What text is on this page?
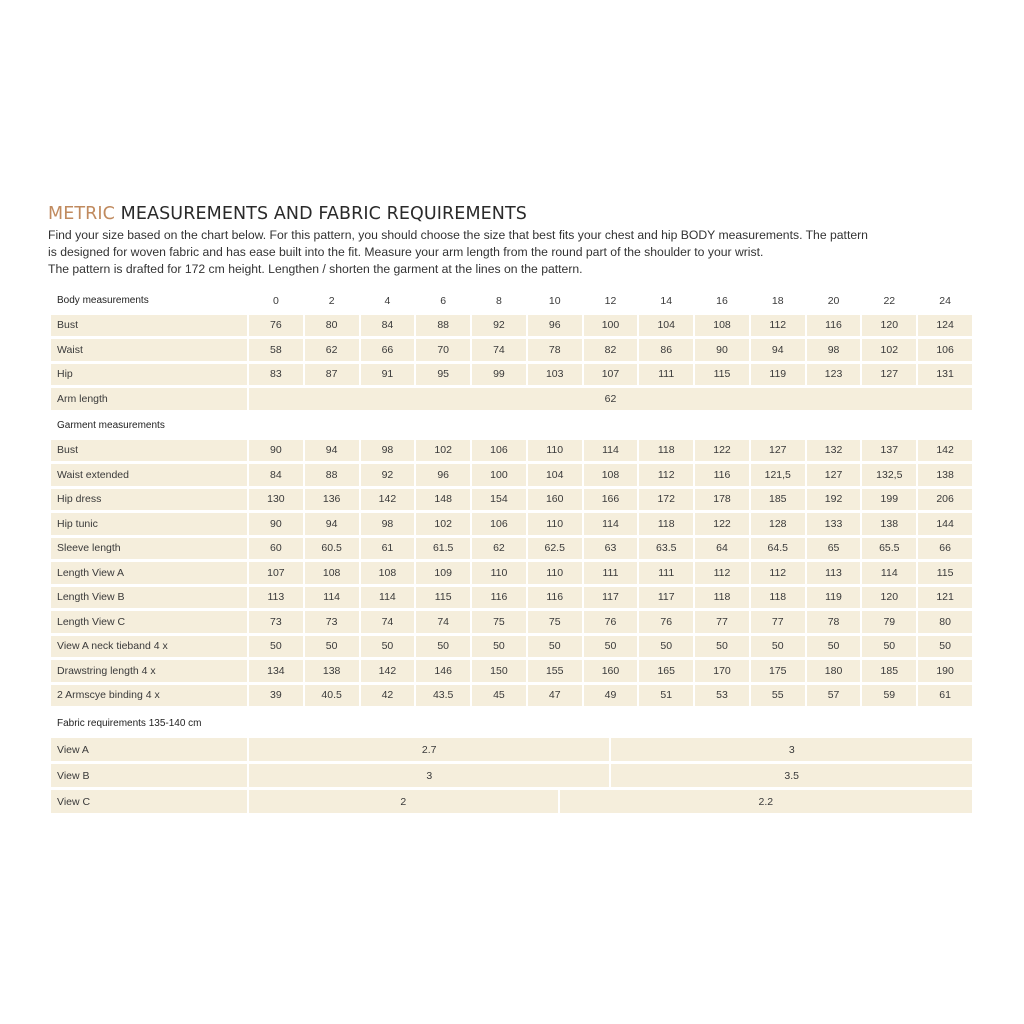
METRIC MEASUREMENTS AND FABRIC REQUIREMENTS
Find your size based on the chart below. For this pattern, you should choose the size that best fits your chest and hip BODY measurements. The pattern
is designed for woven fabric and has ease built into the fit. Measure your arm length from the round part of the shoulder to your wrist.
The pattern is drafted for 172 cm height. Lengthen / shorten the garment at the lines on the pattern.
Body measurements	0	2	4	6	8	10	12	14	16	18	20	22	24
Bust	76	80	84	88	92	96	100	104	108	112	116	120	124
Waist	58	62	66	70	74	78	82	86	90	94	98	102	106
Hip	83	87	91	95	99	103	107	111	115	119	123	127	131
Arm length	62												
Garment measurements													
Bust	90	94	98	102	106	110	114	118	122	127	132	137	142
Waist extended	84	88	92	96	100	104	108	112	116	121,5	127	132,5	138
Hip dress	130	136	142	148	154	160	166	172	178	185	192	199	206
Hip tunic	90	94	98	102	106	110	114	118	122	128	133	138	144
Sleeve length	60	60.5	61	61.5	62	62.5	63	63.5	64	64.5	65	65.5	66
Length View A	107	108	108	109	110	110	111	111	112	112	113	114	115
Length View B	113	114	114	115	116	116	117	117	118	118	119	120	121
Length View C	73	73	74	74	75	75	76	76	77	77	78	79	80
View A neck tieband 4 x	50	50	50	50	50	50	50	50	50	50	50	50	50
Drawstring length 4 x	134	138	142	146	150	155	160	165	170	175	180	185	190
2 Armscye binding 4 x	39	40.5	42	43.5	45	47	49	51	53	55	57	59	61
Fabric requirements 135-140 cm			
View A	2.7		3
View B	3		3.5
View C	2	2.2	
